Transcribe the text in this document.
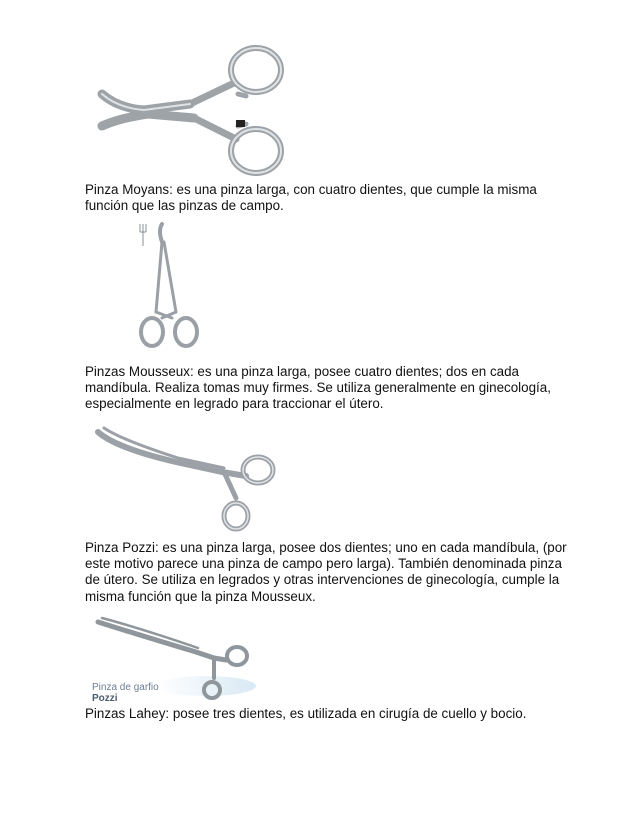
Pinza Moyans: es una pinza larga, con cuatro dientes, que cumple la misma
función que las pinzas de campo.

Pinzas Mousseux: es una pinza larga, posee cuatro dientes; dos en cada
mandíbula. Realiza tomas muy firmes. Se utiliza generalmente en ginecología,
especialmente en legrado para traccionar el útero.

Pinza Pozzi: es una pinza larga, posee dos dientes; uno en cada mandíbula, (por
este motivo parece una pinza de campo pero larga). También denominada pinza
de útero. Se utiliza en legrados y otras intervenciones de ginecología, cumple la
misma función que la pinza Mousseux.

Pinza de garfio
Pozzi

Pinzas Lahey: posee tres dientes, es utilizada en cirugía de cuello y bocio.
